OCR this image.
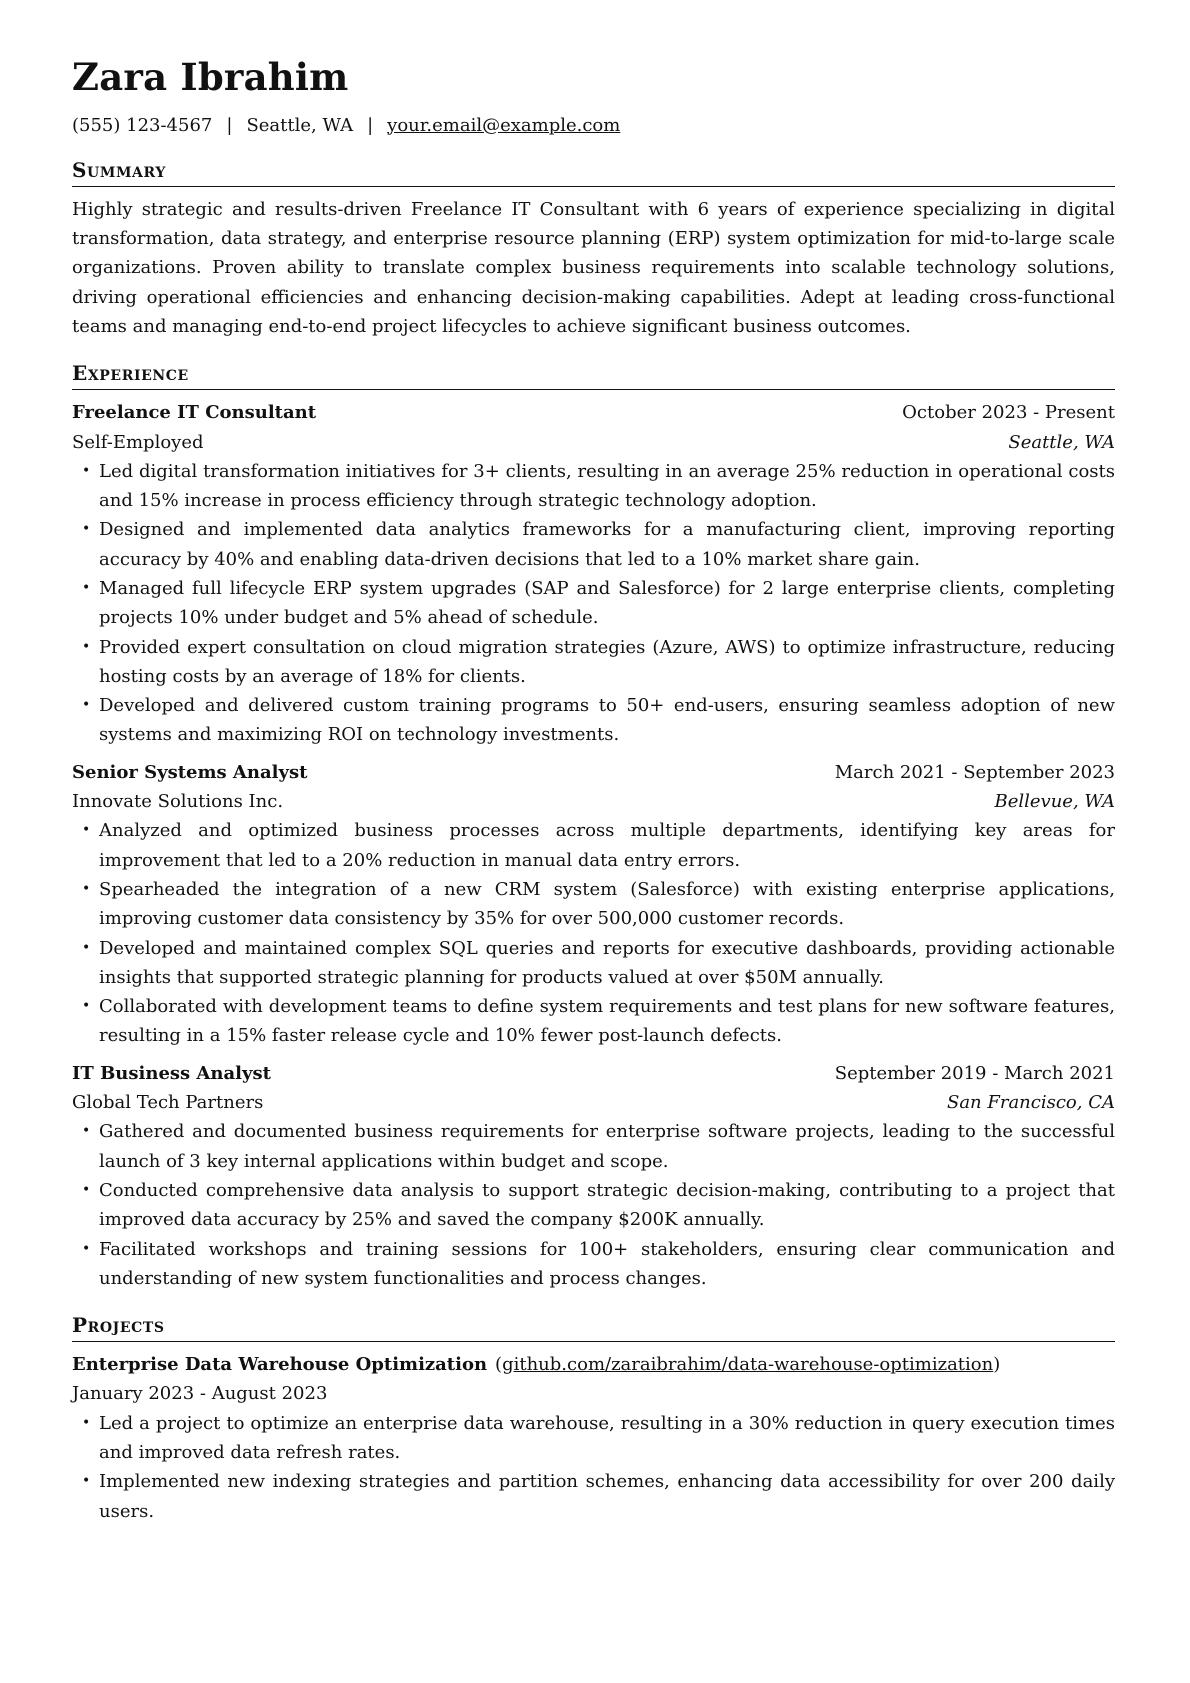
Zara Ibrahim
(555) 123-4567 | Seattle, WA | your.email@example.com
Summary

Highly strategic and results-driven Freelance IT Consultant with 6 years of experience specializing in digital transformation, data strategy, and enterprise resource planning (ERP) system optimization for mid-to-large scale organizations. Proven ability to translate complex business requirements into scalable technology solutions, driving operational efficiencies and enhancing decision-making capabilities. Adept at leading cross-functional teams and managing end-to-end project lifecycles to achieve significant business outcomes.

Experience
Freelance IT Consultant	October 2023 - Present
Self-Employed	Seattle, WA
• Led digital transformation initiatives for 3+ clients, resulting in an average 25% reduction in operational costs and 15% increase in process efficiency through strategic technology adoption.
• Designed and implemented data analytics frameworks for a manufacturing client, improving reporting accuracy by 40% and enabling data-driven decisions that led to a 10% market share gain.
• Managed full lifecycle ERP system upgrades (SAP and Salesforce) for 2 large enterprise clients, completing projects 10% under budget and 5% ahead of schedule.
• Provided expert consultation on cloud migration strategies (Azure, AWS) to optimize infrastructure, reducing hosting costs by an average of 18% for clients.
• Developed and delivered custom training programs to 50+ end-users, ensuring seamless adoption of new systems and maximizing ROI on technology investments.
Senior Systems Analyst	March 2021 - September 2023
Innovate Solutions Inc.	Bellevue, WA
• Analyzed and optimized business processes across multiple departments, identifying key areas for improvement that led to a 20% reduction in manual data entry errors.
• Spearheaded the integration of a new CRM system (Salesforce) with existing enterprise applications, improving customer data consistency by 35% for over 500,000 customer records.
• Developed and maintained complex SQL queries and reports for executive dashboards, providing actionable insights that supported strategic planning for products valued at over $50M annually.
• Collaborated with development teams to define system requirements and test plans for new software features, resulting in a 15% faster release cycle and 10% fewer post-launch defects.
IT Business Analyst	September 2019 - March 2021
Global Tech Partners	San Francisco, CA
• Gathered and documented business requirements for enterprise software projects, leading to the successful launch of 3 key internal applications within budget and scope.
• Conducted comprehensive data analysis to support strategic decision-making, contributing to a project that improved data accuracy by 25% and saved the company $200K annually.
• Facilitated workshops and training sessions for 100+ stakeholders, ensuring clear communication and understanding of new system functionalities and process changes.
Projects
Enterprise Data Warehouse Optimization (github.com/zaraibrahim/data-warehouse-optimization)
January 2023 - August 2023
• Led a project to optimize an enterprise data warehouse, resulting in a 30% reduction in query execution times and improved data refresh rates.
• Implemented new indexing strategies and partition schemes, enhancing data accessibility for over 200 daily users.
